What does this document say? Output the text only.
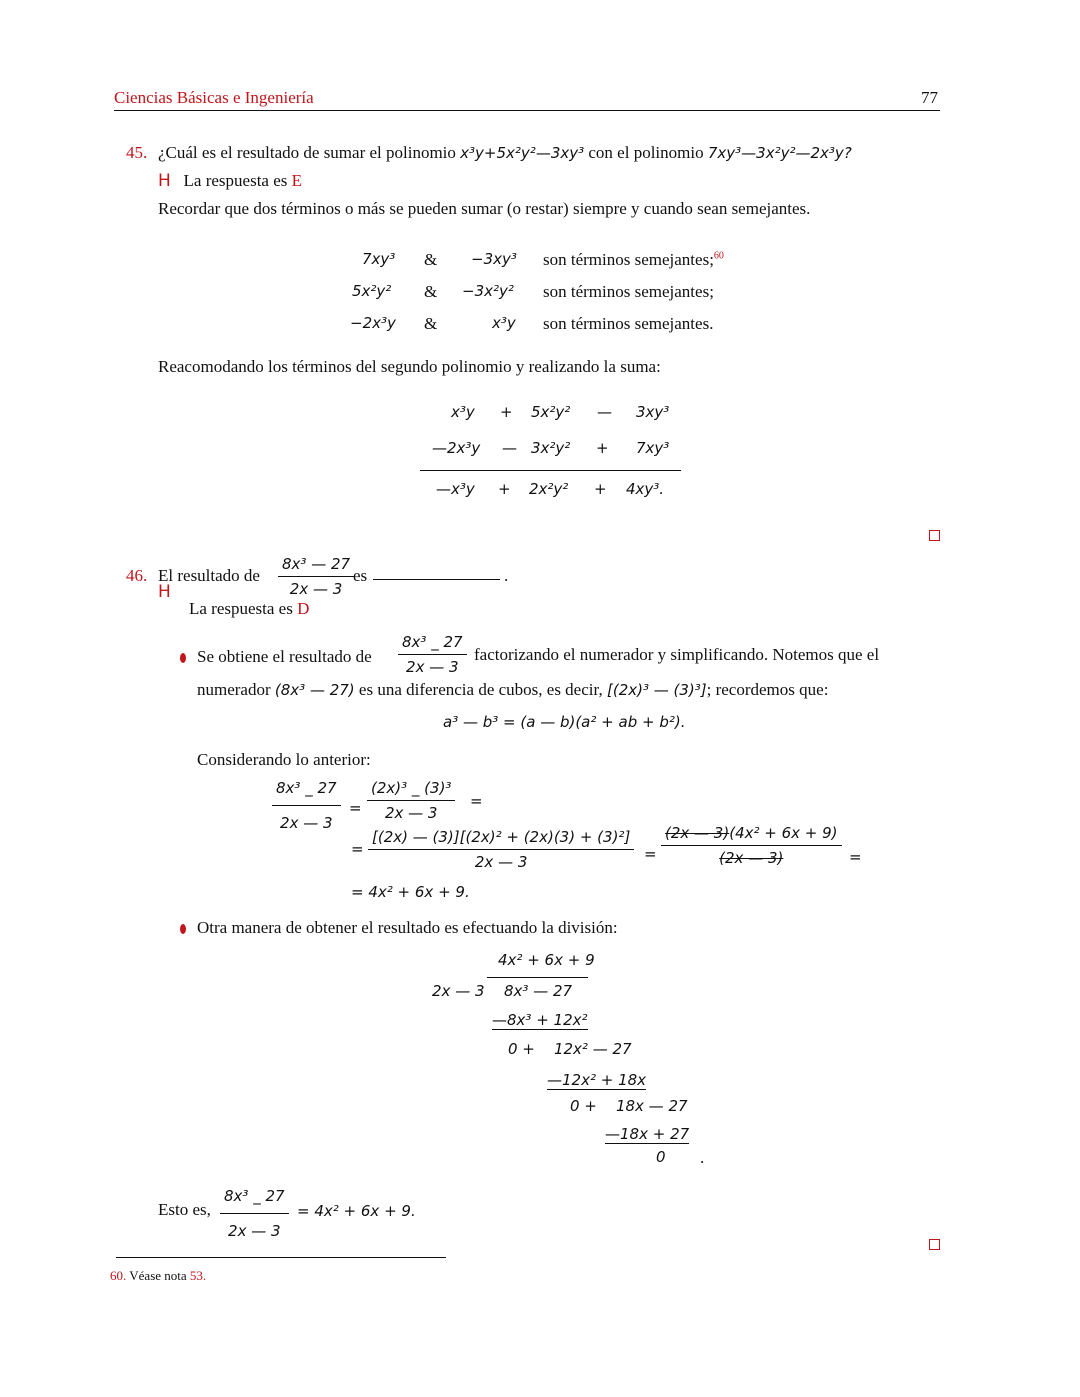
Ciencias Básicas e Ingeniería	77
45. ¿Cuál es el resultado de sumar el polinomio x³y+5x²y²—3xy³ con el polinomio 7xy³—3x²y²—2x³y?
H La respuesta es E
Recordar que dos términos o más se pueden sumar (o restar) siempre y cuando sean semejantes.
7xy³ & −3xy³ son términos semejantes;$^{60}$
5x²y² & −3x²y² son términos semejantes;
−2x³y &	x³y son términos semejantes.
Reacomodando los términos del segundo polinomio y realizando la suma:
x³y + 5x²y² — 3xy³
—2x³y — 3x²y² + 7xy³
—x³y + 2x²y² + 4xy³.
46. El resultado de $\frac{\text{8x³ — 27}}{2x — 3}$
es	.
H
La respuesta es D
Se obtiene el resultado de $\frac{\text{8x³ \_ 27}}{2x — 3}$ factorizando el numerador y simplificando. Notemos que el
numerador (8x³ — 27) es una diferencia de cubos, es decir, [(2x)³ — (3)³]; recordemos que:
a³ — b³ = (a — b)(a² + ab + b²).
Considerando lo anterior:
$\frac{\text{8x³ \_ 27}}{2x — 3} = \frac{\text{(2x)³ \_ (3)³}}{2x — 3}$ =
= $\frac{\text{[(2x) — (3)][(2x)² + (2x)(3) + (3)²]}}{2x — 3} = \frac{\text{(2x — 3)(4x² + 6x + 9)}}{(2x — 3)}$ =
= 4x² + 6x + 9.
Otra manera de obtener el resultado es efectuando la división:
4x² + 6x + 9
2x — 3 8x³ — 27
—8x³ + 12x²
0 +    12x² — 27
—12x² + 18x
0 +    18x — 27
—18x + 27
0 .
Esto es, $\frac{\text{8x³ \_ 27}}{2x — 3} = 4x^2 + 6x + 9$.
60. Véase nota 53.
